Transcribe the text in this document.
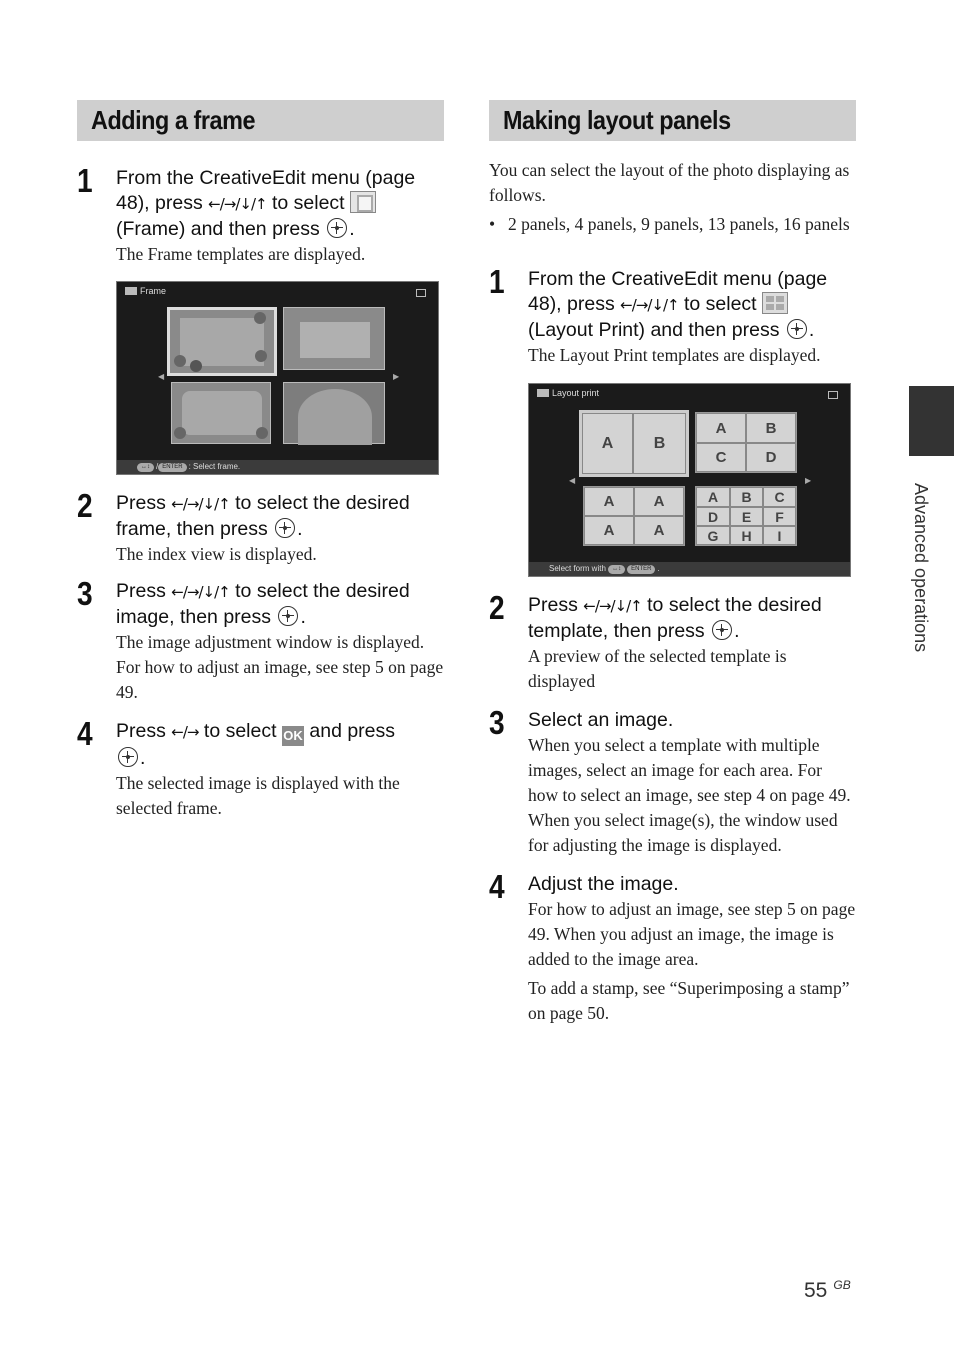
Adding a frame
1 From the CreativeEdit menu (page 48), press ←/→/↓/↑ to select  (Frame) and then press .
The Frame templates are displayed.
Frame
◀	▶
↔↕ / ENTER : Select frame.
2 Press ←/→/↓/↑ to select the desired frame, then press .
The index view is displayed.
3 Press ←/→/↓/↑ to select the desired image, then press .
The image adjustment window is displayed. For how to adjust an image, see step 5 on page 49.
4 Press ←/→ to select OK and press

.
The selected image is displayed with the selected frame.
Making layout panels
You can select the layout of the photo displaying as follows.
• 2 panels, 4 panels, 9 panels, 13 panels, 16 panels
1 From the CreativeEdit menu (page 48), press ←/→/↓/↑ to select  (Layout Print) and then press .
The Layout Print templates are displayed.
Layout print
◀	▶
A	B
A	B
C	D
A	A
A	A
A	B	C
D	E	F
G	H	I
Select form with ↔↕ ENTER .
2 Press ←/→/↓/↑ to select the desired template, then press .
A preview of the selected template is displayed
3 Select an image.
When you select a template with multiple images, select an image for each area. For how to select an image, see step 4 on page 49. When you select image(s), the window used for adjusting the image is displayed.
4 Adjust the image.
For how to adjust an image, see step 5 on page 49. When you adjust an image, the image is added to the image area.
To add a stamp, see “Superimposing a stamp” on page 50.
Advanced operations
55 $^{GB}$
